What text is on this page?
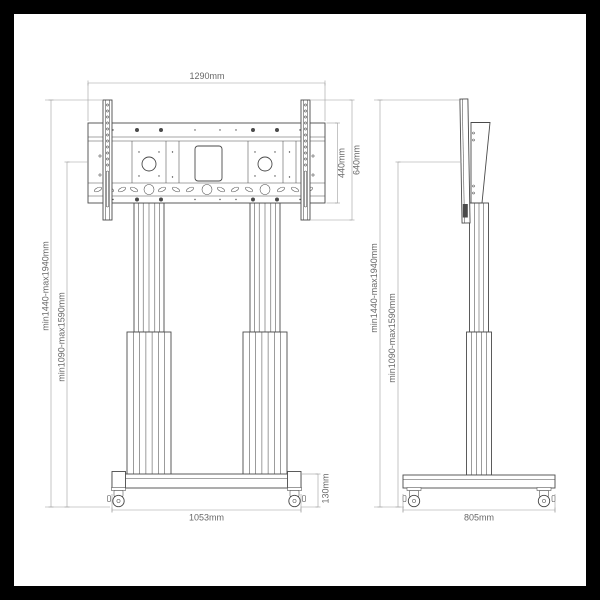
1290mm
440mm 640mm
min1440-max1940mm
min1090-max1590mm
130mm
1053mm
min1440-max1940mm
min1090-max1590mm
805mm
